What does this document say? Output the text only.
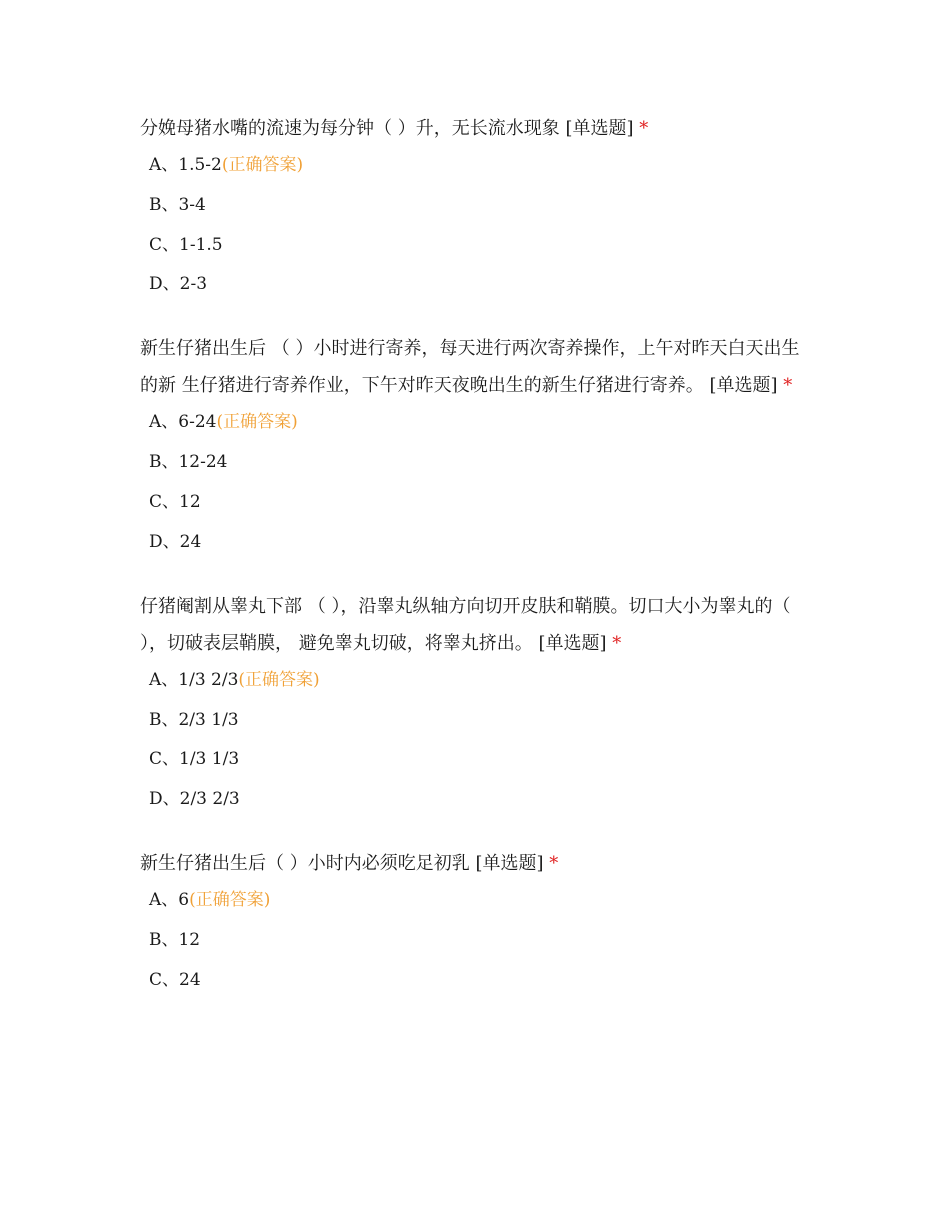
分娩母猪水嘴的流速为每分钟（ ）升，无长流水现象 [单选题] *

A、1.5-2(正确答案)
B、3-4
C、1-1.5
D、2-3

新生仔猪出生后 （ ）小时进行寄养，每天进行两次寄养操作，上午对昨天白天出生的新 生仔猪进行寄养作业，下午对昨天夜晚出生的新生仔猪进行寄养。 [单选题] *

A、6-24(正确答案)
B、12-24
C、12
D、24

仔猪阉割从睾丸下部 （ ），沿睾丸纵轴方向切开皮肤和鞘膜。切口大小为睾丸的（ ），切破表层鞘膜， 避免睾丸切破，将睾丸挤出。 [单选题] *

A、1/3 2/3(正确答案)
B、2/3 1/3
C、1/3 1/3
D、2/3 2/3

新生仔猪出生后（ ）小时内必须吃足初乳 [单选题] *

A、6(正确答案)
B、12
C、24
